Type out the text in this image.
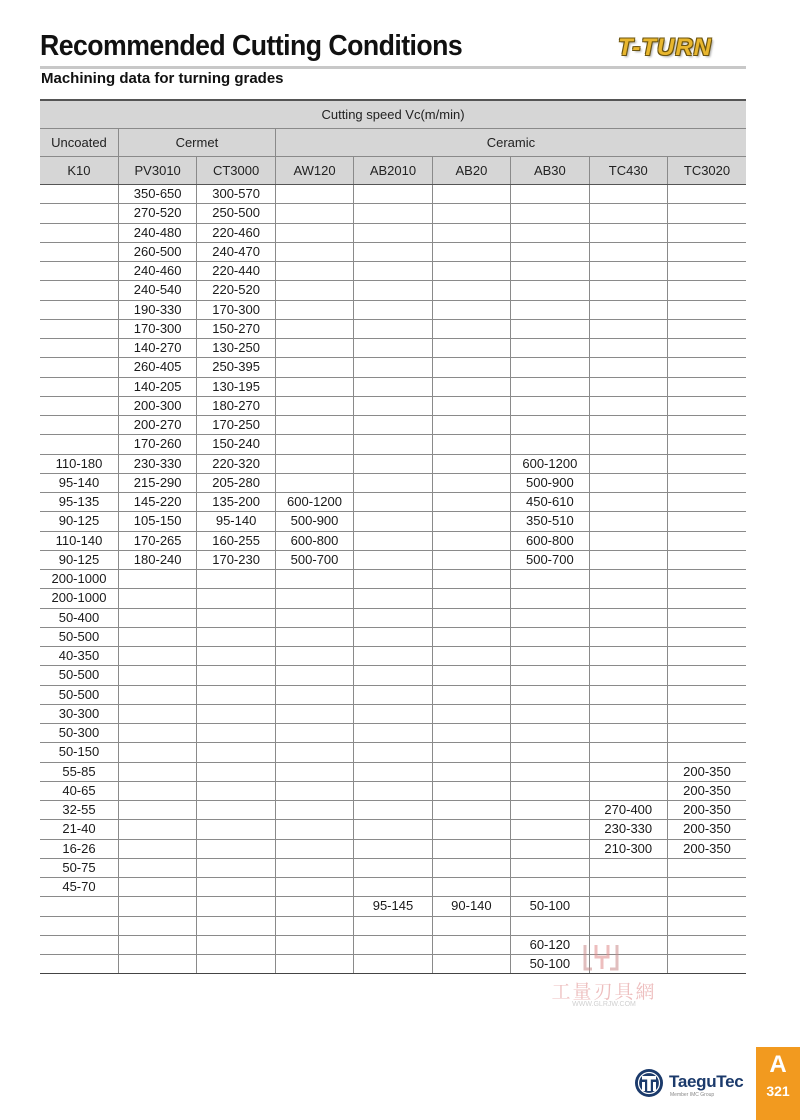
Recommended Cutting Conditions	T-TURN
Machining data for turning grades
Cutting speed Vc(m/min)								
Uncoated	Cermet		Ceramic					
K10	PV3010	CT3000	AW120	AB2010	AB20	AB30	TC430	TC3020
	350-650	300-570						
	270-520	250-500						
	240-480	220-460						
	260-500	240-470						
	240-460	220-440						
	240-540	220-520						
	190-330	170-300						
	170-300	150-270						
	140-270	130-250						
	260-405	250-395						
	140-205	130-195						
	200-300	180-270						
	200-270	170-250						
	170-260	150-240						
110-180	230-330	220-320				600-1200		
95-140	215-290	205-280				500-900		
95-135	145-220	135-200	600-1200			450-610		
90-125	105-150	95-140	500-900			350-510		
110-140	170-265	160-255	600-800			600-800		
90-125	180-240	170-230	500-700			500-700		
200-1000								
200-1000								
50-400								
50-500								
40-350								
50-500								
50-500								
30-300								
50-300								
50-150								
55-85								200-350
40-65								200-350
32-55							270-400	200-350
21-40							230-330	200-350
16-26							210-300	200-350
50-75								
45-70								
				95-145	90-140	50-100		

						60-120		
						50-100		
工量刃具網
WWW.GLRJW.COM
TaeguTec
Member IMC Group
A
321
